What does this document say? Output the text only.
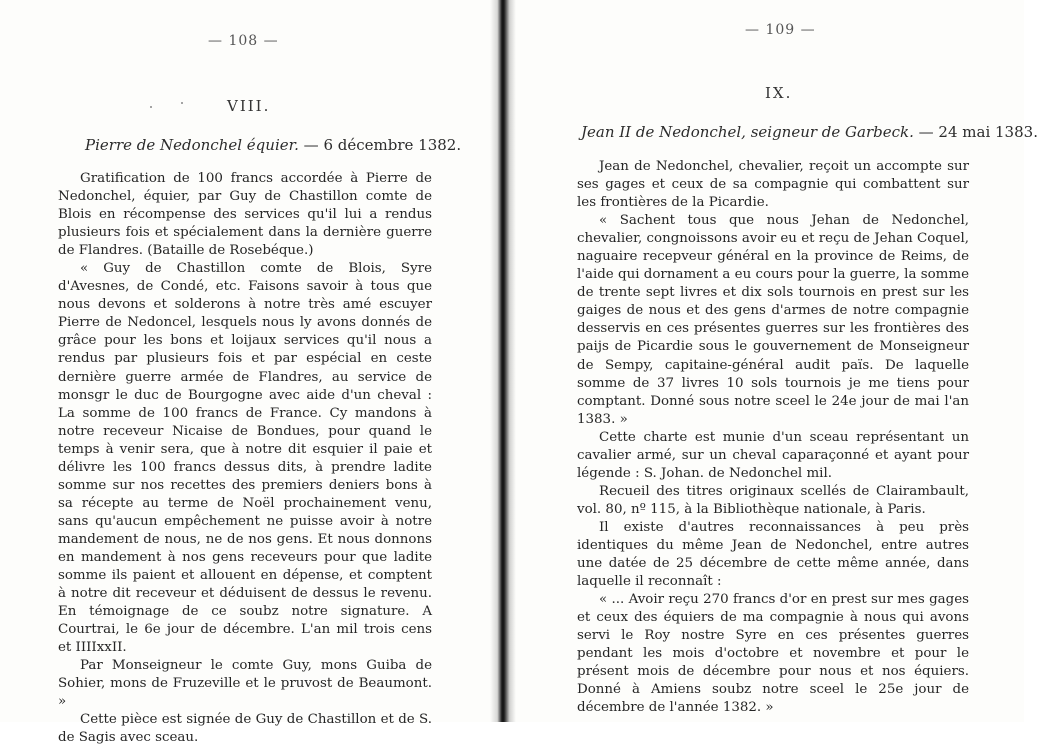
— 108 —
VIII.
Pierre de Nedonchel équier. — 6 décembre 1382.

Gratification de 100 francs accordée à Pierre de Nedonchel, équier, par Guy de Chastillon comte de Blois en récompense des services qu'il lui a rendus plusieurs fois et spécialement dans la dernière guerre de Flandres. (Bataille de Rosebéque.)

« Guy de Chastillon comte de Blois, Syre d'Avesnes, de Condé, etc. Faisons savoir à tous que nous devons et solderons à notre très amé escuyer Pierre de Nedoncel, lesquels nous ly avons donnés de grâce pour les bons et loijaux services qu'il nous a rendus par plusieurs fois et par espécial en ceste dernière guerre armée de Flandres, au service de monsgr le duc de Bourgogne avec aide d'un cheval : La somme de 100 francs de France. Cy mandons à notre receveur Nicaise de Bondues, pour quand le temps à venir sera, que à notre dit esquier il paie et délivre les 100 francs dessus dits, à prendre ladite somme sur nos recettes des premiers deniers bons à sa récepte au terme de Noël prochainement venu, sans qu'aucun empêchement ne puisse avoir à notre mandement de nous, ne de nos gens. Et nous donnons en mandement à nos gens receveurs pour que ladite somme ils paient et allouent en dépense, et comptent à notre dit receveur et déduisent de dessus le revenu. En témoignage de ce soubz notre signature. A Courtrai, le 6e jour de décembre. L'an mil trois cens et IIIIxxII.

Par Monseigneur le comte Guy, mons Guiba de Sohier, mons de Fruzeville et le pruvost de Beaumont. »

Cette pièce est signée de Guy de Chastillon et de S. de Sagis avec sceau.

— 109 —
IX.
Jean II de Nedonchel, seigneur de Garbeck. — 24 mai 1383.

Jean de Nedonchel, chevalier, reçoit un accompte sur ses gages et ceux de sa compagnie qui combattent sur les frontières de la Picardie.

« Sachent tous que nous Jehan de Nedonchel, chevalier, congnoissons avoir eu et reçu de Jehan Coquel, naguaire recepveur général en la province de Reims, de l'aide qui dornament a eu cours pour la guerre, la somme de trente sept livres et dix sols tournois en prest sur les gaiges de nous et des gens d'armes de notre compagnie desservis en ces présentes guerres sur les frontières des paijs de Picardie sous le gouvernement de Monseigneur de Sempy, capitaine-général audit païs. De laquelle somme de 37 livres 10 sols tournois je me tiens pour comptant. Donné sous notre sceel le 24e jour de mai l'an 1383. »

Cette charte est munie d'un sceau représentant un cavalier armé, sur un cheval caparaçonné et ayant pour légende : S. Johan. de Nedonchel mil.

Recueil des titres originaux scellés de Clairambault, vol. 80, nº 115, à la Bibliothèque nationale, à Paris.

Il existe d'autres reconnaissances à peu près identiques du même Jean de Nedonchel, entre autres une datée de 25 décembre de cette même année, dans laquelle il reconnaît :

« ... Avoir reçu 270 francs d'or en prest sur mes gages et ceux des équiers de ma compagnie à nous qui avons servi le Roy nostre Syre en ces présentes guerres pendant les mois d'octobre et novembre et pour le présent mois de décembre pour nous et nos équiers. Donné à Amiens soubz notre sceel le 25e jour de décembre de l'année 1382. »
